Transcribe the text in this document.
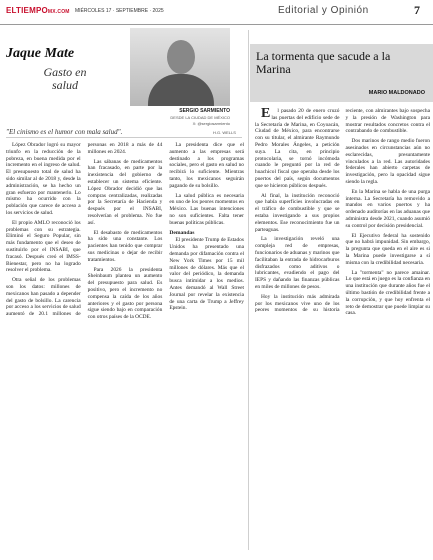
ELTIEMPOMX.COM MIÉRCOLES 17 · SEPTIEMBRE · 2025	Editorial y Opinión	7
Jaque Mate
Gasto en salud
SERGIO SARMIENTO
DESDE LA CIUDAD DE MÉXICO
X: @sergiosarmiento
"El cinismo es el humor con mala salud".	H.G. WELLS

López Obrador logró su mayor triunfo en la reducción de la pobreza, en buena medida por el incremento en el ingreso de salud. El presupuesto total de salud ha sido similar al de 2018 y, desde la administración, se ha hecho un gran esfuerzo por mantenerlo. Lo mismo ha ocurrido con la población que carece de acceso a los servicios de salud.

El propio AMLO reconoció los problemas con su estrategia. Eliminó el Seguro Popular, sin más fundamento que el deseo de sustituirlo por el INSABI, que fracasó. Después creó el IMSS-Bienestar, pero no ha logrado resolver el problema.

Otra señal de los problemas son los datos: millones de mexicanos han pasado a depender del gasto de bolsillo. La carencia por acceso a los servicios de salud aumentó de 20.1 millones de personas en 2018 a más de 44 millones en 2024.

Las sábanas de medicamentos han fracasado, en parte por la inexistencia del gobierno de establecer un sistema eficiente. López Obrador decidió que las compras centralizadas, realizadas por la Secretaría de Hacienda y después por el INSABI, resolverían el problema. No fue así.

El desabasto de medicamentos ha sido una constante. Los pacientes han tenido que comprar sus medicinas o dejar de recibir tratamientos.

Para 2026 la presidenta Sheinbaum plantea un aumento del presupuesto para salud. Es positivo, pero el incremento no compensa la caída de los años anteriores y el gasto por persona sigue siendo bajo en comparación con otros países de la OCDE.

La presidenta dice que el aumento a las empresas será destinado a los programas sociales, pero el gasto en salud no recibirá lo suficiente. Mientras tanto, los mexicanos seguirán pagando de su bolsillo.

La salud pública es necesaria en uno de los peores momentos en México. Las buenas intenciones no son suficientes. Falta tener buenas políticas públicas.

Demandas

El presidente Trump de Estados Unidos ha presentado una demanda por difamación contra el New York Times por 15 mil millones de dólares. Más que el valor del periódico, la demanda busca intimidar a los medios. Antes demandó al Wall Street Journal por revelar la existencia de una carta de Trump a Jeffrey Epstein.

La tormenta que sacude a la Marina
MARIO MALDONADO

El pasado 20 de enero cruzó las puertas del edificio sede de la Secretaría de Marina, en Coyoacán, Ciudad de México, para encontrarse con su titular, el almirante Raymundo Pedro Morales Ángeles, a petición suya. La cita, en principio protocolaria, se tornó incómoda cuando le preguntó por la red de huachicol fiscal que operaba desde los puertos del país, según documentos que se hicieron públicos después.

Al final, la institución reconoció que había superficies involucradas en el tráfico de combustible y que se estaba investigando a sus propios elementos. Ese reconocimiento fue un parteaguas.

La investigación reveló una compleja red de empresas, funcionarios de aduanas y marinos que facilitaban la entrada de hidrocarburos disfrazados como aditivos o lubricantes, evadiendo el pago del IEPS y dañando las finanzas públicas en miles de millones de pesos.

Hoy la institución más admirada por los mexicanos vive uno de los peores momentos de su historia reciente, con almirantes bajo sospecha y la presión de Washington para mostrar resultados concretos contra el contrabando de combustible.

Dos marinos de rango medio fueron asesinados en circunstancias aún no esclarecidas, presuntamente vinculados a la red. Las autoridades federales han abierto carpetas de investigación, pero la opacidad sigue siendo la regla.

En la Marina se habla de una purga interna. La Secretaría ha removido a mandos en varios puertos y ha ordenado auditorías en las aduanas que administra desde 2021, cuando asumió su control por decisión presidencial.

El Ejecutivo federal ha sostenido que no habrá impunidad. Sin embargo, la pregunta que queda en el aire es si la Marina puede investigarse a sí misma con la credibilidad necesaria.

La "tormenta" no parece amainar. Lo que está en juego es la confianza en una institución que durante años fue el último bastión de credibilidad frente a la corrupción, y que hoy enfrenta el reto de demostrar que puede limpiar su casa.
